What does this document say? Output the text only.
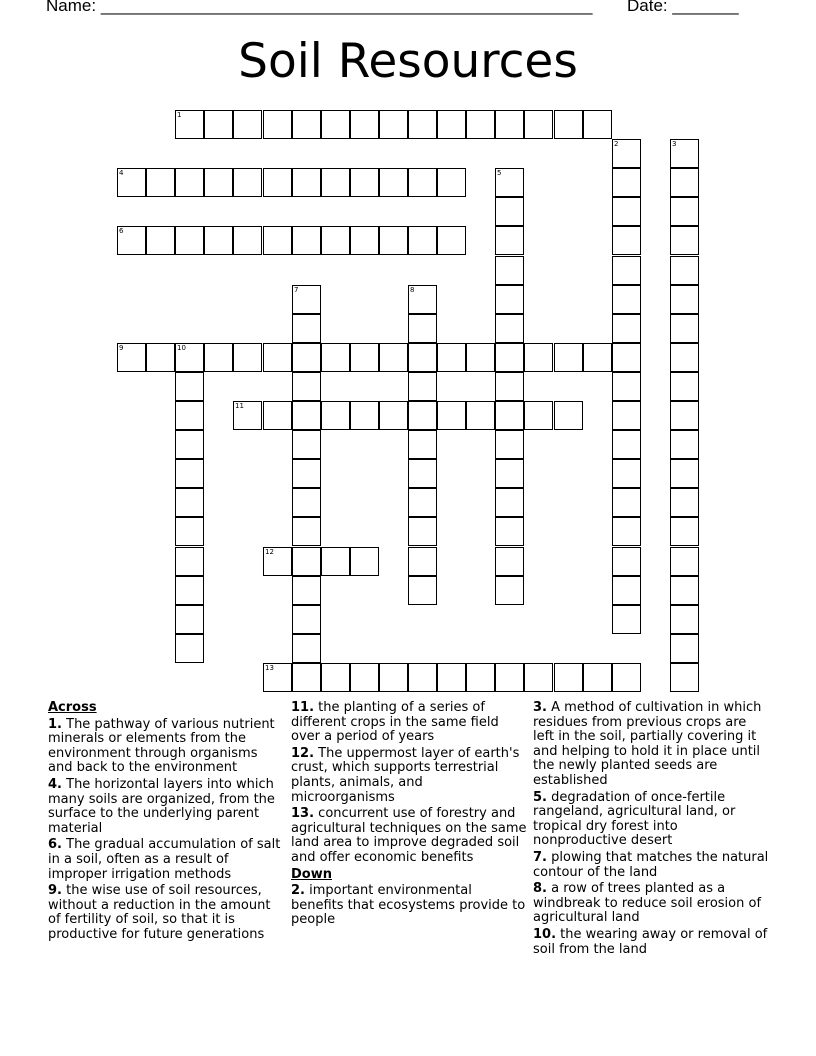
Name: ____________________________________________________ Date: _______
Soil Resources
1
2	3
4	5
6
7	8
9	10
11
12
13
Across
1. The pathway of various nutrient minerals or elements from the environment through organisms and back to the environment
4. The horizontal layers into which many soils are organized, from the surface to the underlying parent material
6. The gradual accumulation of salt in a soil, often as a result of improper irrigation methods
9. the wise use of soil resources, without a reduction in the amount of fertility of soil, so that it is productive for future generations
11. the planting of a series of different crops in the same field over a period of years
12. The uppermost layer of earth's crust, which supports terrestrial plants, animals, and microorganisms
13. concurrent use of forestry and agricultural techniques on the same land area to improve degraded soil and offer economic benefits
Down
2. important environmental benefits that ecosystems provide to people
3. A method of cultivation in which residues from previous crops are left in the soil, partially covering it and helping to hold it in place until the newly planted seeds are established
5. degradation of once-fertile rangeland, agricultural land, or tropical dry forest into nonproductive desert
7. plowing that matches the natural contour of the land
8. a row of trees planted as a windbreak to reduce soil erosion of agricultural land
10. the wearing away or removal of soil from the land
